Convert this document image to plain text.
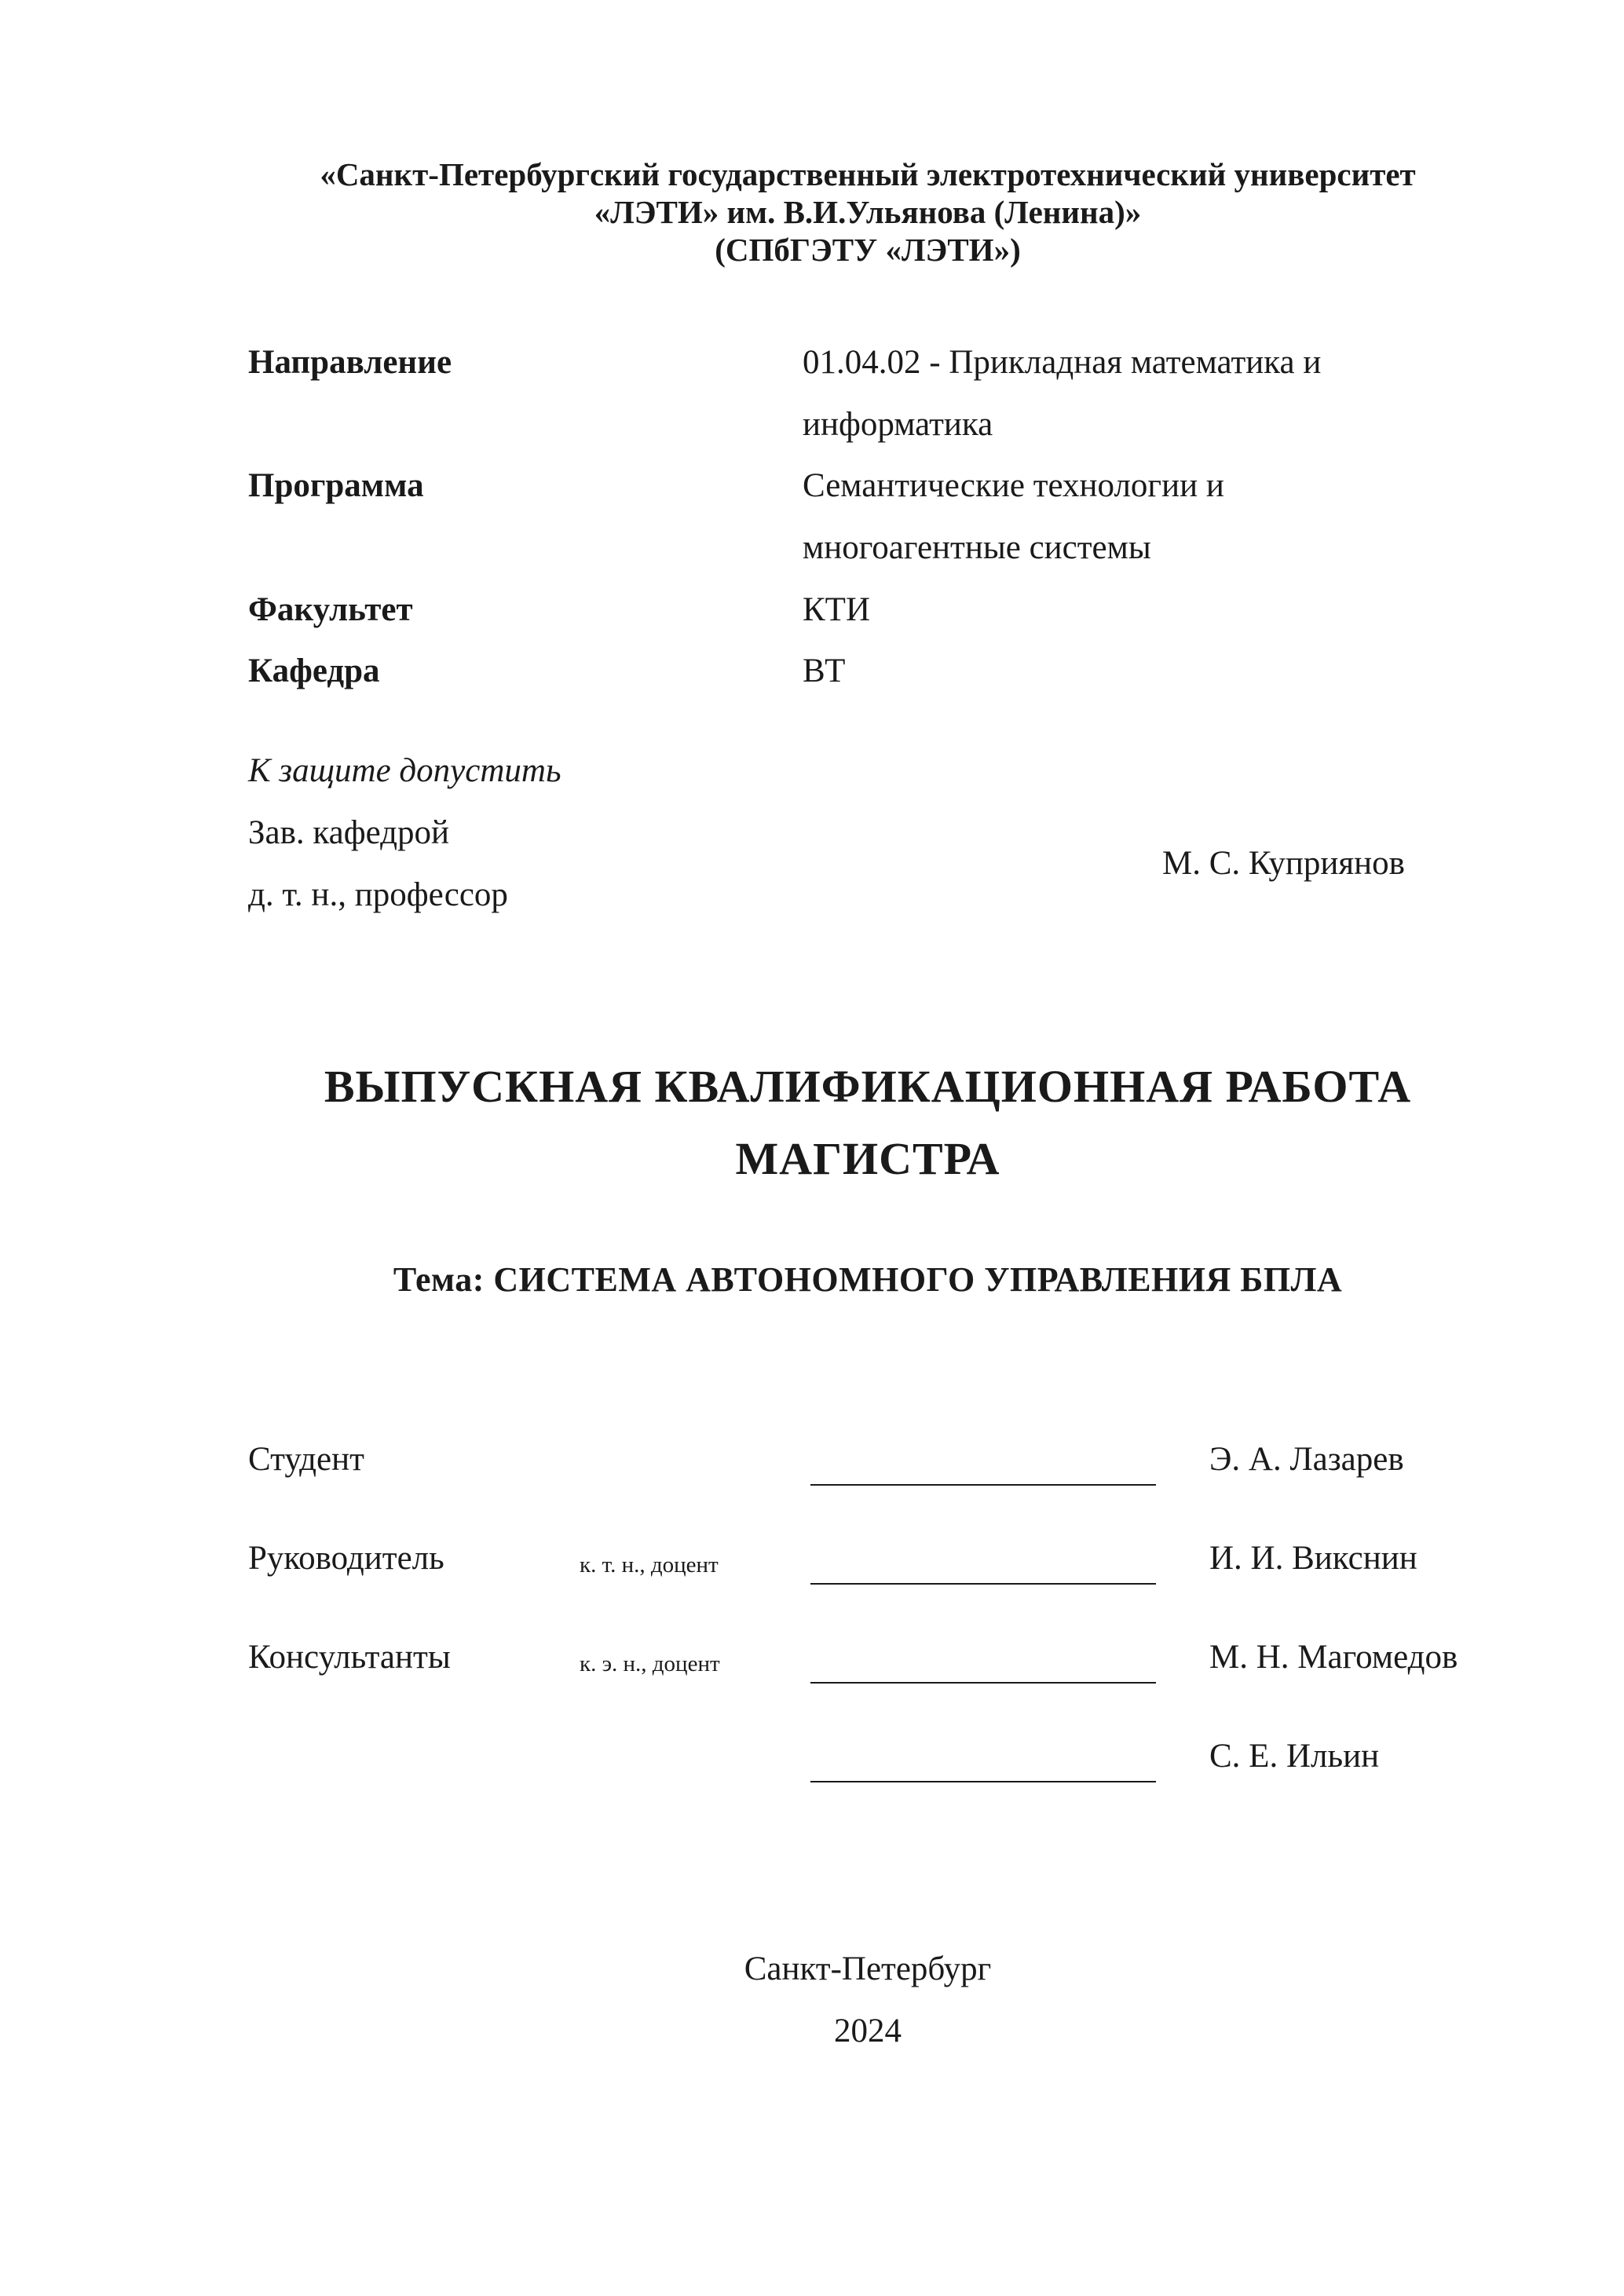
«Санкт-Петербургский государственный электротехнический университет
«ЛЭТИ» им. В.И.Ульянова (Ленина)»
(СПбГЭТУ «ЛЭТИ»)
Направление	01.04.02 - Прикладная математика и
информатика
Программа	Семантические технологии и
многоагентные системы
Факультет	КТИ
Кафедра	ВТ
К защите допустить
Зав. кафедрой
д. т. н., профессор
М. С. Куприянов
ВЫПУСКНАЯ КВАЛИФИКАЦИОННАЯ РАБОТА
МАГИСТРА
Тема: СИСТЕМА АВТОНОМНОГО УПРАВЛЕНИЯ БПЛА
Студент	Э. А. Лазарев
Руководитель	к. т. н., доцент	И. И. Викснин
Консультанты	к. э. н., доцент	М. Н. Магомедов
С. Е. Ильин
Санкт-Петербург
2024
